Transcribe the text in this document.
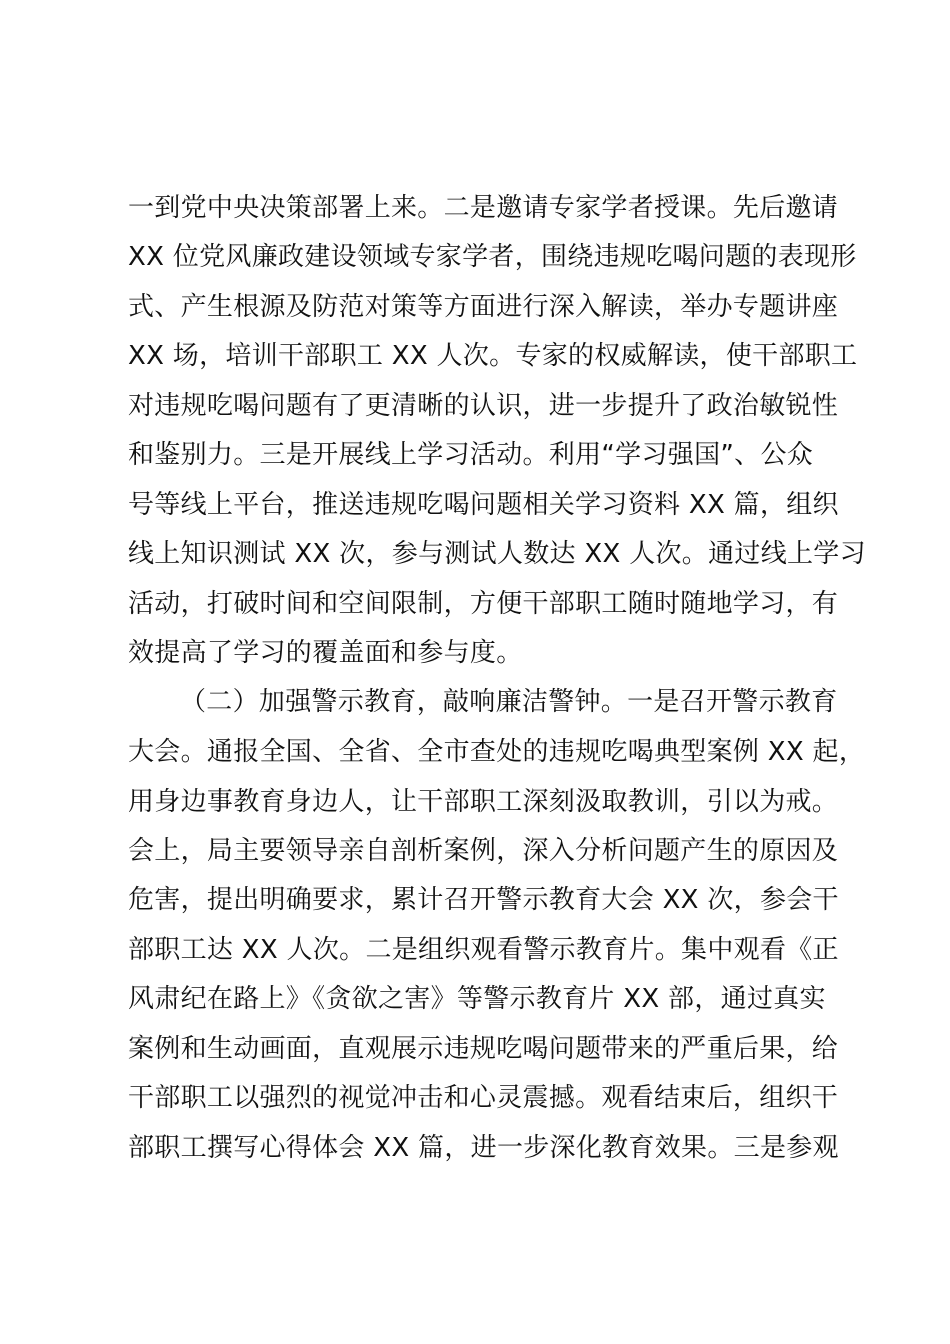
一到党中央决策部署上来。二是邀请专家学者授课。先后邀请
XX 位党风廉政建设领域专家学者，围绕违规吃喝问题的表现形
式、产生根源及防范对策等方面进行深入解读，举办专题讲座
XX 场，培训干部职工 XX 人次。专家的权威解读，使干部职工
对违规吃喝问题有了更清晰的认识，进一步提升了政治敏锐性
和鉴别力。三是开展线上学习活动。利用“学习强国”、公众
号等线上平台，推送违规吃喝问题相关学习资料 XX 篇，组织
线上知识测试 XX 次，参与测试人数达 XX 人次。通过线上学习
活动，打破时间和空间限制，方便干部职工随时随地学习，有
效提高了学习的覆盖面和参与度。
（二）加强警示教育，敲响廉洁警钟。一是召开警示教育
大会。通报全国、全省、全市查处的违规吃喝典型案例 XX 起，
用身边事教育身边人，让干部职工深刻汲取教训，引以为戒。
会上，局主要领导亲自剖析案例，深入分析问题产生的原因及
危害，提出明确要求，累计召开警示教育大会 XX 次，参会干
部职工达 XX 人次。二是组织观看警示教育片。集中观看《正
风肃纪在路上》《贪欲之害》等警示教育片 XX 部，通过真实
案例和生动画面，直观展示违规吃喝问题带来的严重后果，给
干部职工以强烈的视觉冲击和心灵震撼。观看结束后，组织干
部职工撰写心得体会 XX 篇，进一步深化教育效果。三是参观
